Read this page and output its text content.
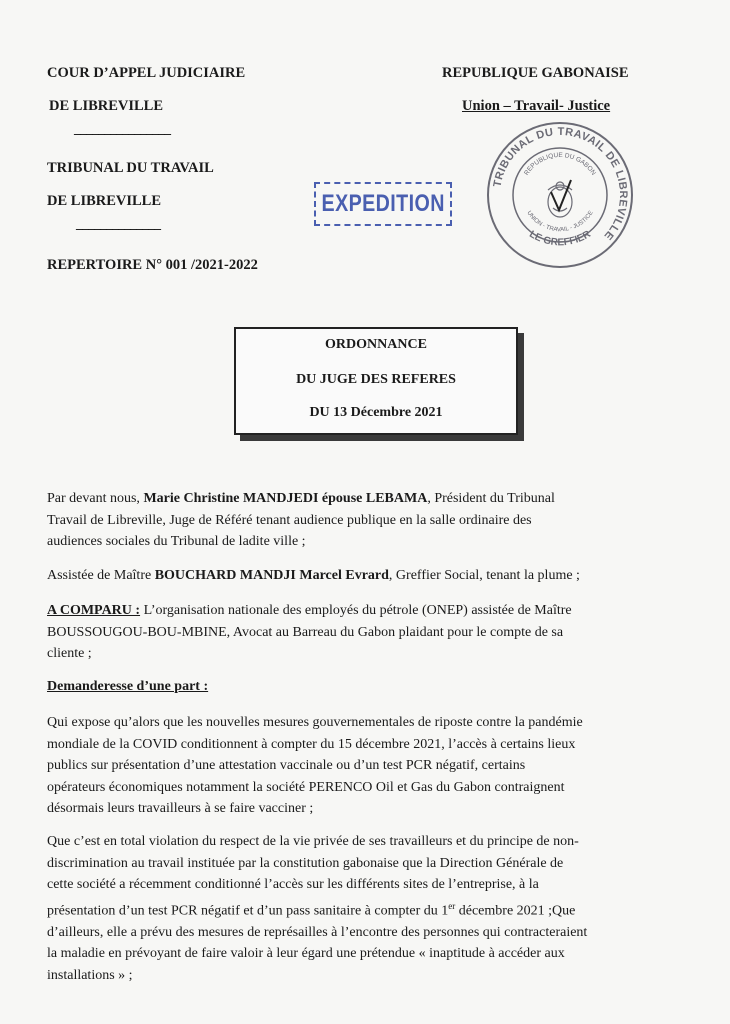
COUR D’APPEL JUDICIAIRE
DE LIBREVILLE
________________
TRIBUNAL DU TRAVAIL
DE LIBREVILLE
______________
REPERTOIRE N° 001 /2021-2022
REPUBLIQUE GABONAISE
Union – Travail- Justice
EXPEDITION
TRIBUNAL DU TRAVAIL DE LIBREVILLE
LE GREFFIER
REPUBLIQUE DU GABON
UNION - TRAVAIL - JUSTICE
ORDONNANCE
DU JUGE DES REFERES
DU 13 Décembre 2021
Par devant nous, Marie Christine MANDJEDI épouse LEBAMA, Président du Tribunal
Travail de Libreville, Juge de Référé tenant audience publique en la salle ordinaire des
audiences sociales du Tribunal de ladite ville ;
Assistée de Maître BOUCHARD MANDJI Marcel Evrard, Greffier Social, tenant la plume ;
A COMPARU : L’organisation nationale des employés du pétrole (ONEP) assistée de Maître
BOUSSOUGOU-BOU-MBINE, Avocat au Barreau du Gabon plaidant pour le compte de sa
cliente ;
Demanderesse d’une part :
Qui expose qu’alors que les nouvelles mesures gouvernementales de riposte contre la pandémie
mondiale de la COVID conditionnent à compter du 15 décembre 2021, l’accès à certains lieux
publics sur présentation d’une attestation vaccinale ou d’un test PCR négatif, certains
opérateurs économiques notamment la société PERENCO Oil et Gas du Gabon contraignent
désormais leurs travailleurs à se faire vacciner ;
Que c’est en total violation du respect de la vie privée de ses travailleurs et du principe de non-
discrimination au travail instituée par la constitution gabonaise que la Direction Générale de
cette société a récemment conditionné l’accès sur les différents sites de l’entreprise, à la
présentation d’un test PCR négatif et d’un pass sanitaire à compter du 1er décembre 2021 ;Que
d’ailleurs, elle a prévu des mesures de représailles à l’encontre des personnes qui contracteraient
la maladie en prévoyant de faire valoir à leur égard une prétendue « inaptitude à accéder aux
installations » ;
